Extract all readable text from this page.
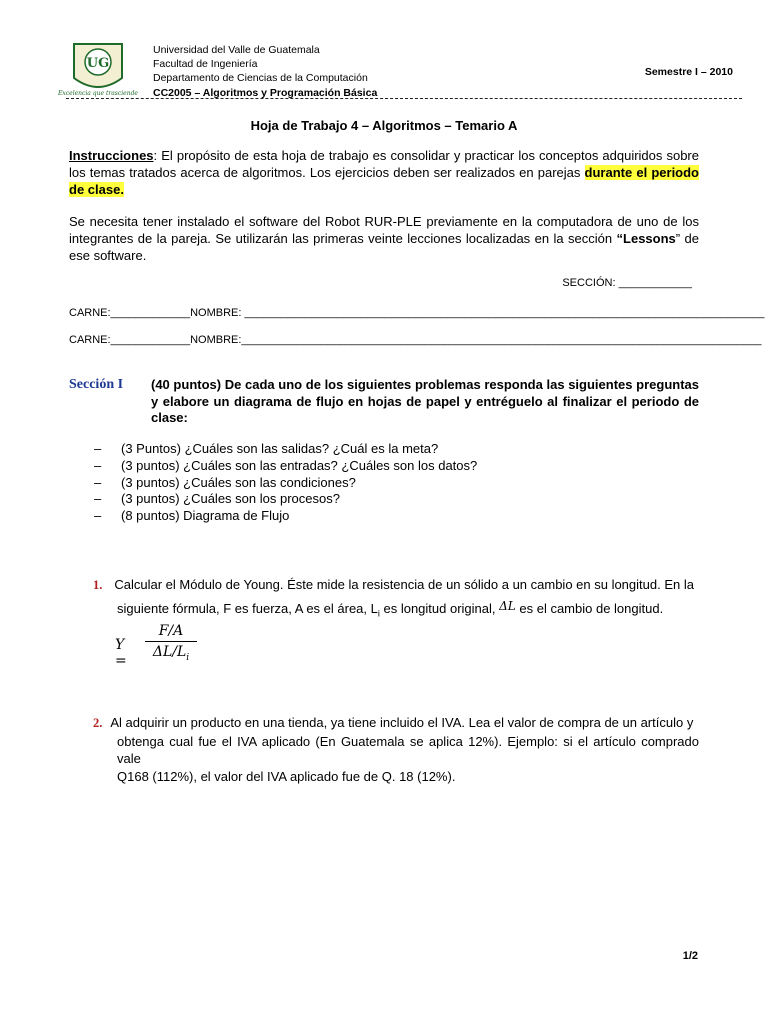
UG
Excelencia que trasciende
Universidad del Valle de Guatemala
Facultad de Ingeniería
Departamento de Ciencias de la Computación
CC2005 – Algoritmos y Programación Básica
Semestre I – 2010
Hoja de Trabajo 4 – Algoritmos – Temario A
Instrucciones: El propósito de esta hoja de trabajo es consolidar y practicar los conceptos adquiridos sobre los temas tratados acerca de algoritmos. Los ejercicios deben ser realizados en parejas durante el periodo de clase.
Se necesita tener instalado el software del Robot RUR-PLE previamente en la computadora de uno de los integrantes de la pareja. Se utilizarán las primeras veinte lecciones localizadas en la sección “Lessons” de ese software.
SECCIÓN: ____________
CARNE:_____________NOMBRE: _____________________________________________________________________________________
CARNE:_____________NOMBRE:_____________________________________________________________________________________
Sección I (40 puntos) De cada uno de los siguientes problemas responda las siguientes preguntas y elabore un diagrama de flujo en hojas de papel y entréguelo al finalizar el periodo de clase:
–	(3 Puntos) ¿Cuáles son las salidas? ¿Cuál es la meta?
–	(3 puntos) ¿Cuáles son las entradas? ¿Cuáles son los datos?
–	(3 puntos) ¿Cuáles son las condiciones?
–	(3 puntos) ¿Cuáles son los procesos?
–	(8 puntos) Diagrama de Flujo
1. Calcular el Módulo de Young. Éste mide la resistencia de un sólido a un cambio en su longitud. En la
siguiente fórmula, F es fuerza, A es el área, $L_i$ es longitud original, ΔL es el cambio de longitud.
Y =
F/A
$\Delta L/L_i$
2. Al adquirir un producto en una tienda, ya tiene incluido el IVA. Lea el valor de compra de un artículo y
obtenga cual fue el IVA aplicado (En Guatemala se aplica 12%). Ejemplo: si el artículo comprado vale
Q168 (112%), el valor del IVA aplicado fue de Q. 18 (12%).
1/2
